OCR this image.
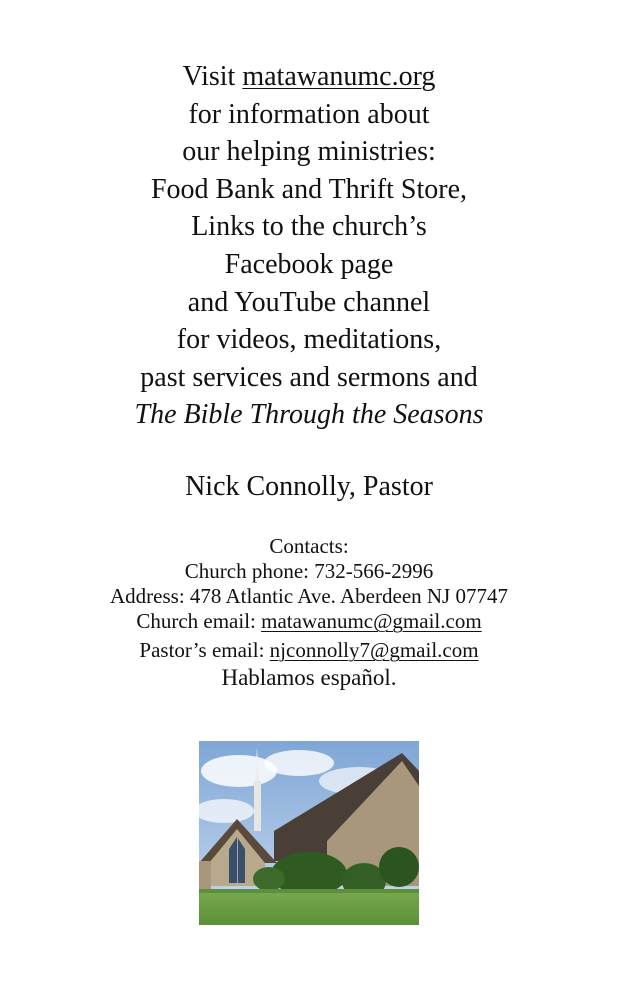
Visit matawanumc.org
for information about
our helping ministries:
Food Bank and Thrift Store,
Links to the church’s
Facebook page
and YouTube channel
for videos, meditations,
past services and sermons and
The Bible Through the Seasons
Nick Connolly, Pastor
Contacts:
Church phone: 732-566-2996
Address: 478 Atlantic Ave. Aberdeen NJ 07747
Church email: matawanumc@gmail.com
Pastor’s email: njconnolly7@gmail.com
Hablamos español.
